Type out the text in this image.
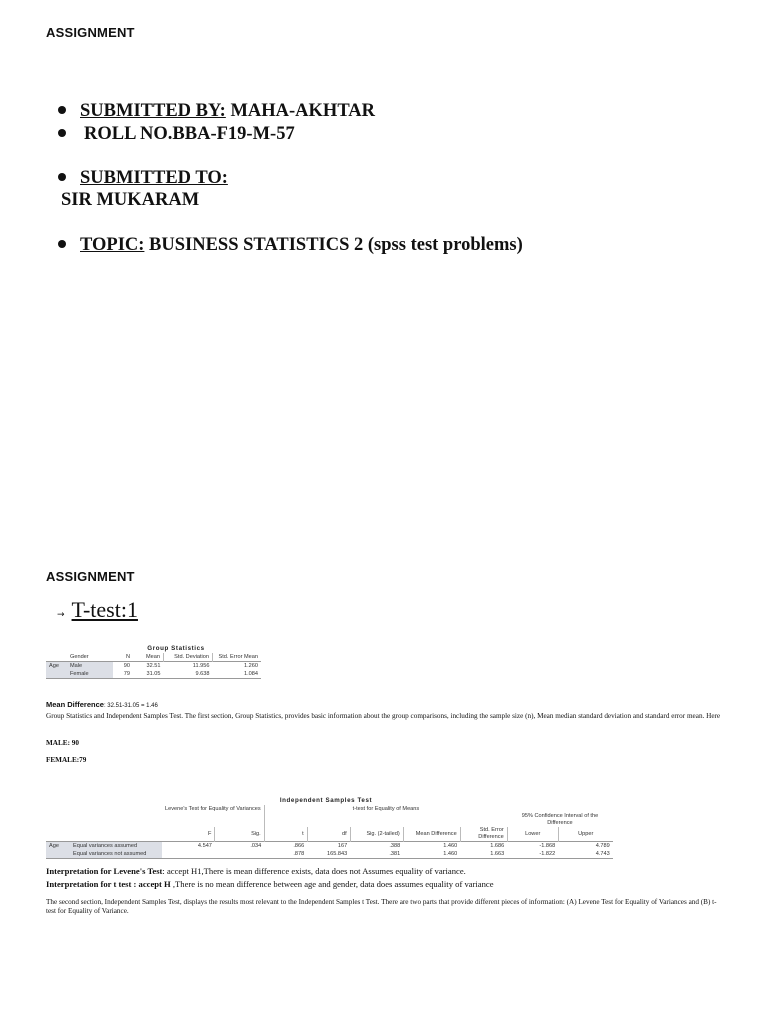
ASSIGNMENT
SUBMITTED BY: MAHA-AKHTAR
ROLL NO.BBA-F19-M-57
SUBMITTED TO:
SIR MUKARAM
TOPIC: BUSINESS STATISTICS 2 (spss test problems)
ASSIGNMENT
→ T-test:1
Group Statistics
	Gender	N	Mean	Std. Deviation	Std. Error Mean
Age	Male	90	32.51	11.956	1.260
	Female	79	31.05	9.638	1.084
Mean Difference: 32.51-31.05 = 1.46
Group Statistics and Independent Samples Test. The first section, Group Statistics, provides basic information about the group comparisons, including the sample size (n), Mean median standard deviation and standard error mean. Here
MALE: 90
FEMALE:79
Independent Samples Test
		Levene's Test for Equality of Variances		t-test for Equality of Means						
									95% Confidence Interval of the Difference	
		F	Sig.	t	df	Sig. (2-tailed)	Mean Difference	Std. Error Difference	Lower	Upper
Age	Equal variances assumed	4.547	.034	.866	167	.388	1.460	1.686	-1.868	4.789
	Equal variances not assumed			.878	165.843	.381	1.460	1.663	-1.822	4.743
Interpretation for Levene's Test: accept H1,There is mean difference exists, data does not Assumes equality of variance.
Interpretation for t test : accept H ,There is no mean difference between age and gender, data does assumes equality of variance
The second section, Independent Samples Test, displays the results most relevant to the Independent Samples t Test. There are two parts that provide different pieces of information: (A) Levene Test for Equality of Variances and (B) t-test for Equality of Variance.
